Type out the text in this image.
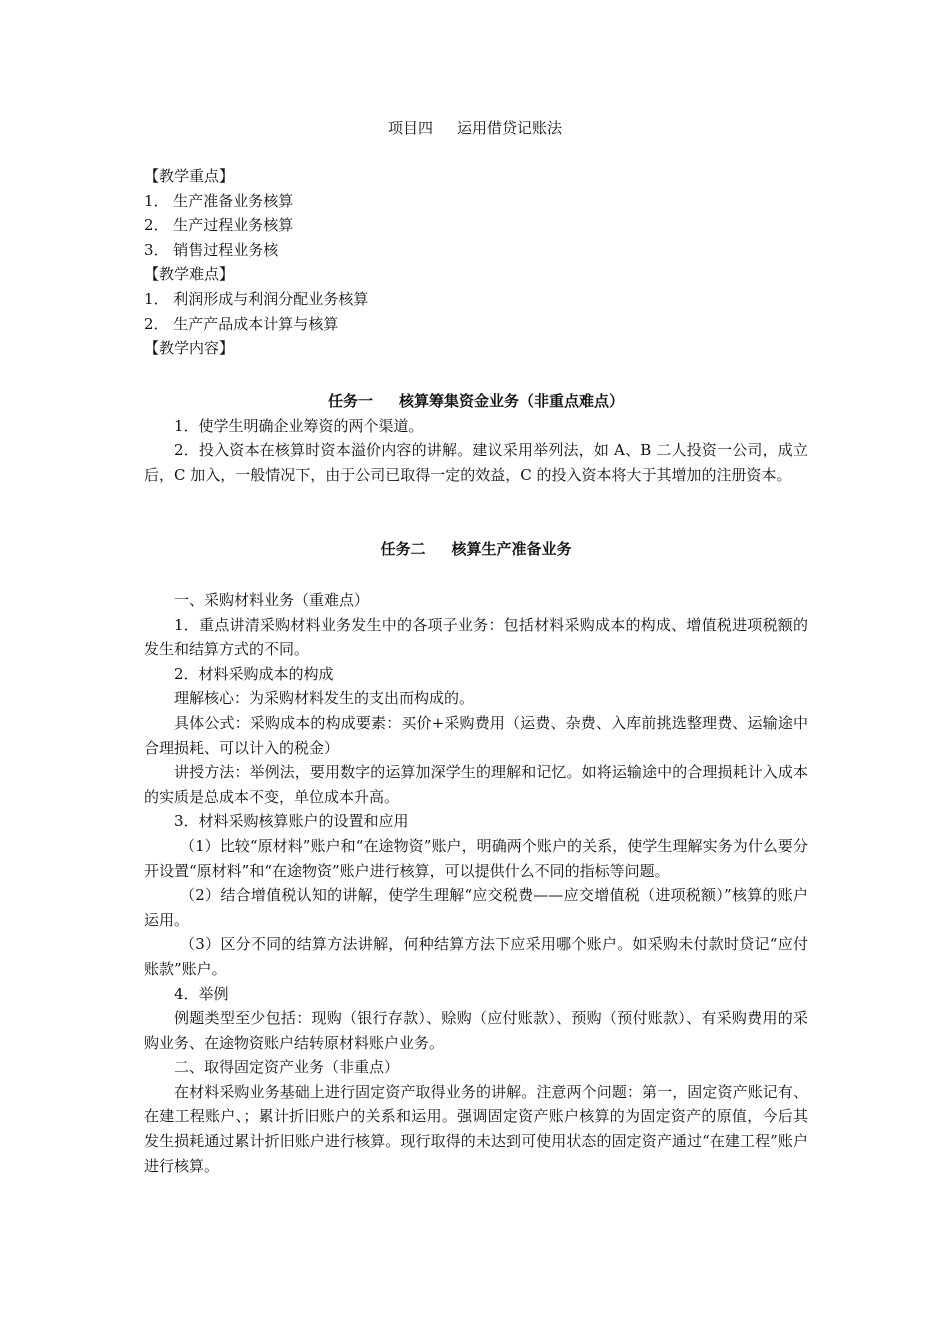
项目四 运用借贷记账法

【教学重点】

1． 生产准备业务核算

2． 生产过程业务核算

3． 销售过程业务核

【教学难点】

1． 利润形成与利润分配业务核算

2． 生产产品成本计算与核算

【教学内容】

任务一 核算筹集资金业务（非重点难点）

1．使学生明确企业筹资的两个渠道。

2．投入资本在核算时资本溢价内容的讲解。建议采用举列法，如 A、B 二人投资一公司，成立后，C 加入，一般情况下，由于公司已取得一定的效益，C 的投入资本将大于其增加的注册资本。

任务二 核算生产准备业务

一、采购材料业务（重难点）

1．重点讲清采购材料业务发生中的各项子业务：包括材料采购成本的构成、增值税进项税额的发生和结算方式的不同。

2．材料采购成本的构成

理解核心：为采购材料发生的支出而构成的。

具体公式：采购成本的构成要素：买价+采购费用（运费、杂费、入库前挑选整理费、运输途中合理损耗、可以计入的税金）

讲授方法：举例法，要用数字的运算加深学生的理解和记忆。如将运输途中的合理损耗计入成本的实质是总成本不变，单位成本升高。

3．材料采购核算账户的设置和应用

（1）比较“原材料”账户和“在途物资”账户，明确两个账户的关系，使学生理解实务为什么要分开设置“原材料”和“在途物资”账户进行核算，可以提供什么不同的指标等问题。

（2）结合增值税认知的讲解，使学生理解“应交税费——应交增值税（进项税额）”核算的账户运用。

（3）区分不同的结算方法讲解，何种结算方法下应采用哪个账户。如采购未付款时贷记“应付账款”账户。

4．举例

例题类型至少包括：现购（银行存款）、赊购（应付账款）、预购（预付账款）、有采购费用的采购业务、在途物资账户结转原材料账户业务。

二、取得固定资产业务（非重点）

在材料采购业务基础上进行固定资产取得业务的讲解。注意两个问题：第一，固定资产账记有、在建工程账户、；累计折旧账户的关系和运用。强调固定资产账户核算的为固定资产的原值，今后其发生损耗通过累计折旧账户进行核算。现行取得的未达到可使用状态的固定资产通过“在建工程”账户进行核算。
